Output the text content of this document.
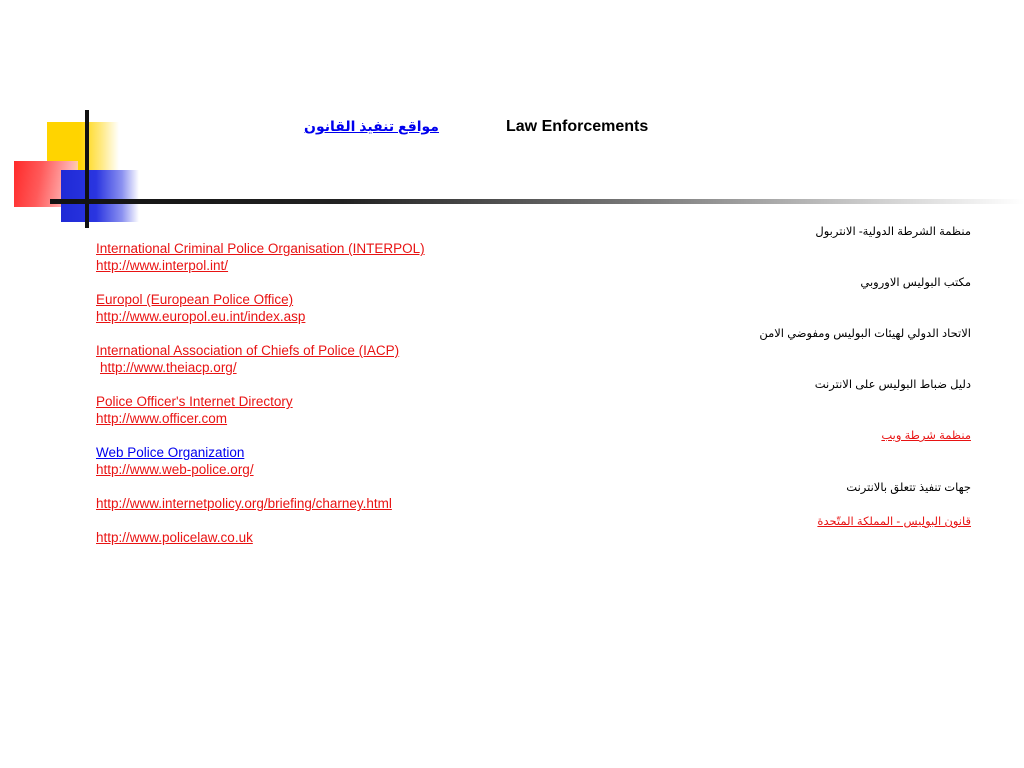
مواقع تنفيذ القانون	Law Enforcements
International Criminal Police Organisation (INTERPOL)
http://www.interpol.int/
Europol (European Police Office)
http://www.europol.eu.int/index.asp
International Association of Chiefs of Police (IACP)
http://www.theiacp.org/
Police Officer's Internet Directory
http://www.officer.com
Web Police Organization
http://www.web-police.org/
http://www.internetpolicy.org/briefing/charney.html
http://www.policelaw.co.uk
منظمة الشرطة الدولية- الانتربول
مكتب البوليس الاوروبي
الاتحاد الدولي لهيئات البوليس ومفوضي الامن
دليل ضباط البوليس على الانترنت
منظمة شرطة ويب
جهات تنفيذ تتعلق بالانترنت
قانون البوليس - المملكة المتّحدة
